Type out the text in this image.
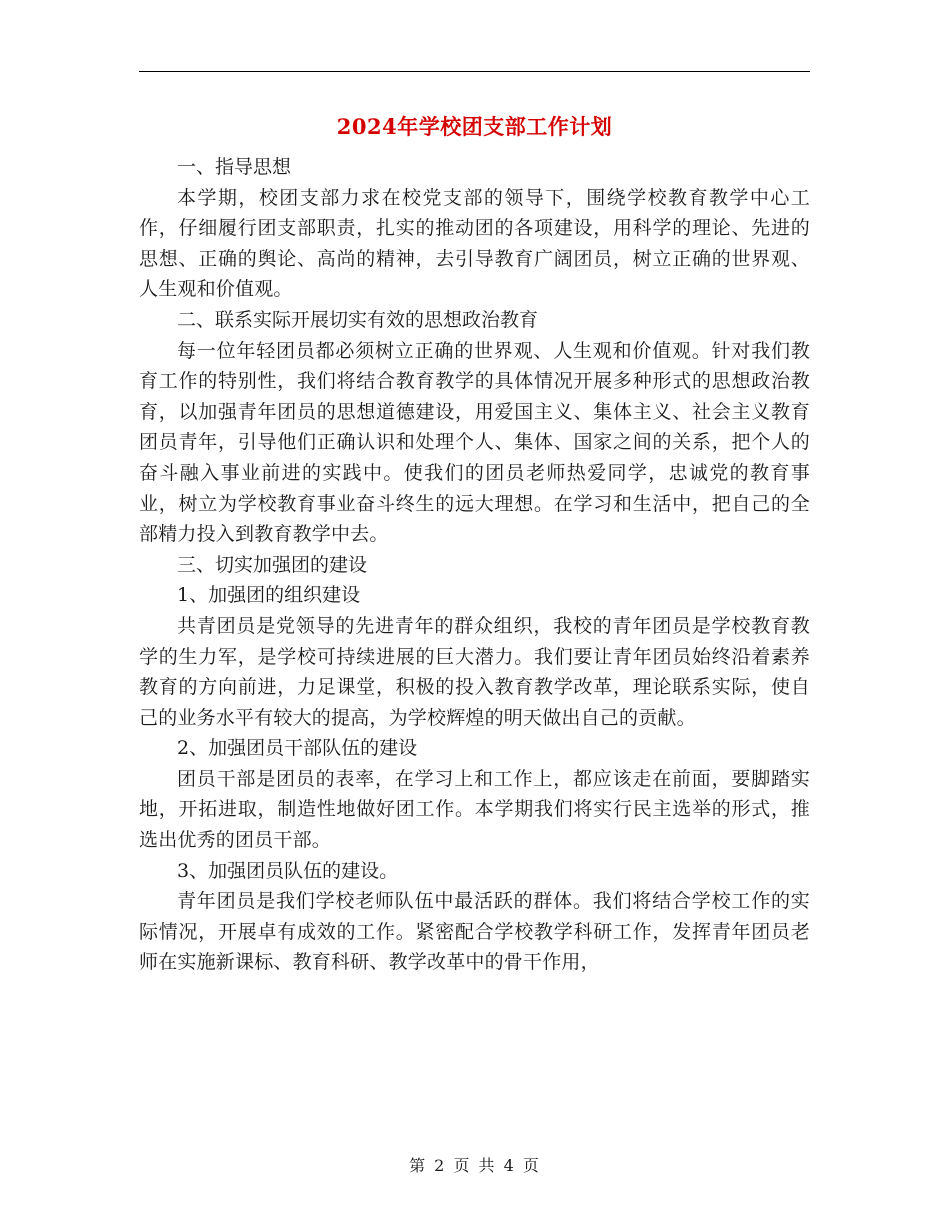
2024年学校团支部工作计划

一、指导思想

本学期，校团支部力求在校党支部的领导下，围绕学校教育教学中心工作，仔细履行团支部职责，扎实的推动团的各项建设，用科学的理论、先进的思想、正确的舆论、高尚的精神，去引导教育广阔团员，树立正确的世界观、人生观和价值观。

二、联系实际开展切实有效的思想政治教育

每一位年轻团员都必须树立正确的世界观、人生观和价值观。针对我们教育工作的特别性，我们将结合教育教学的具体情况开展多种形式的思想政治教育，以加强青年团员的思想道德建设，用爱国主义、集体主义、社会主义教育团员青年，引导他们正确认识和处理个人、集体、国家之间的关系，把个人的奋斗融入事业前进的实践中。使我们的团员老师热爱同学，忠诚党的教育事业，树立为学校教育事业奋斗终生的远大理想。在学习和生活中，把自己的全部精力投入到教育教学中去。

三、切实加强团的建设

1、加强团的组织建设

共青团员是党领导的先进青年的群众组织，我校的青年团员是学校教育教学的生力军，是学校可持续进展的巨大潜力。我们要让青年团员始终沿着素养教育的方向前进，力足课堂，积极的投入教育教学改革，理论联系实际，使自己的业务水平有较大的提高，为学校辉煌的明天做出自己的贡献。

2、加强团员干部队伍的建设

团员干部是团员的表率，在学习上和工作上，都应该走在前面，要脚踏实地，开拓进取，制造性地做好团工作。本学期我们将实行民主选举的形式，推选出优秀的团员干部。

3、加强团员队伍的建设。

青年团员是我们学校老师队伍中最活跃的群体。我们将结合学校工作的实际情况，开展卓有成效的工作。紧密配合学校教学科研工作，发挥青年团员老师在实施新课标、教育科研、教学改革中的骨干作用，

第 2 页 共 4 页
